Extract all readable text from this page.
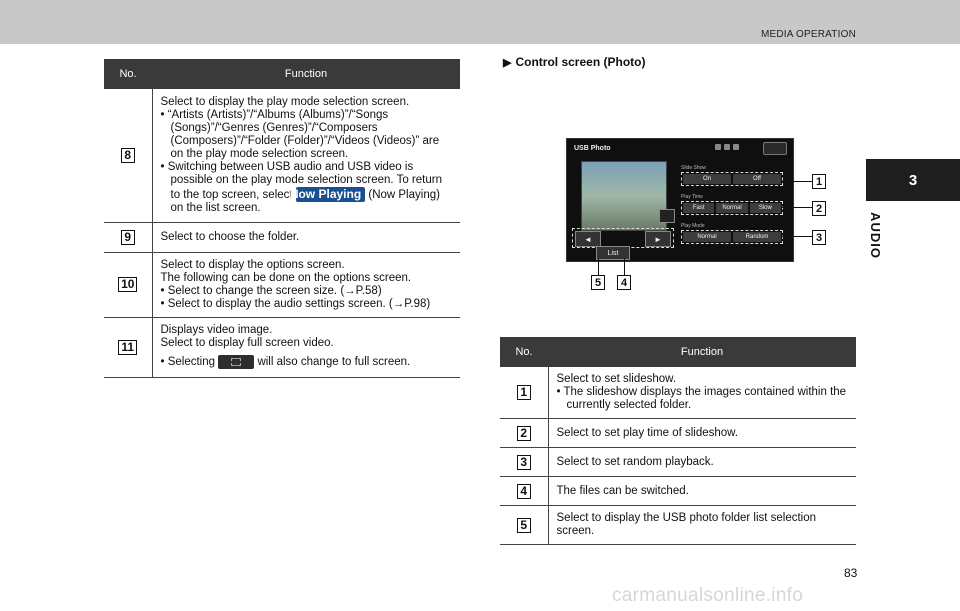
MEDIA OPERATION
3
AUDIO
No.	Function
8	Select to display the play mode selection screen.
• “Artists (Artists)”/“Albums (Albums)”/“Songs (Songs)”/“Genres (Genres)”/“Composers (Composers)”/“Folder (Folder)”/“Videos (Videos)” are on the play mode selection screen.
• Switching between USB audio and USB video is possible on the play mode selection screen. To return to the top screen, select Now Playing (Now Playing) on the list screen.

9	Select to choose the folder.

10	Select to display the options screen.
The following can be done on the options screen.
• Select to change the screen size. (→P.58)
• Select to display the audio settings screen. (→P.98)

11	Displays video image.
Select to display full screen video.
• Selecting will also change to full screen.
▶ Control screen (Photo)
USB Photo
Slide Show
On	Off
Play Time
Fast	Normal	Slow
Play Mode
Normal	Random
◄	►
List
1
2
3
5	4
No.	Function
1	Select to set slideshow.
• The slideshow displays the images contained within the currently selected folder.

2	Select to set play time of slideshow.

3	Select to set random playback.

4	The files can be switched.

5	Select to display the USB photo folder list selection screen.
83
carmanualsonline.info
